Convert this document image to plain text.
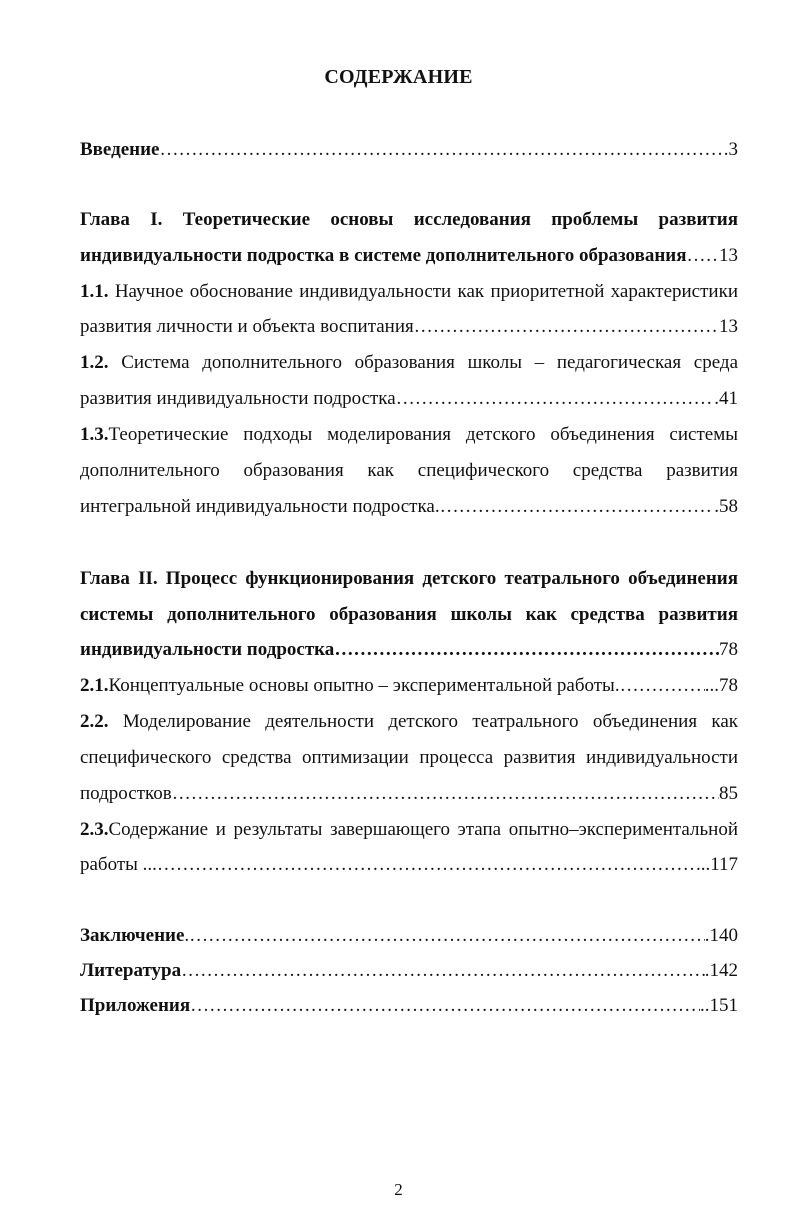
СОДЕРЖАНИЕ
Введение ……………………………………………………………………………………………………………………………………………………………………………………………………………………………	.3
Глава I. Теоретические основы исследования проблемы развития
индивидуальности подростка в системе дополнительного образования …………………………………………………………………………………………………………………………………………………………………………………………………………………………… 13
1.1. Научное обоснование индивидуальности как приоритетной характеристики
развития личности и объекта воспитания ……………………………………………………………………………………………………………………………………………………………………………………………………………………………	13
1.2. Система дополнительного образования школы – педагогическая среда
развития индивидуальности подростка ……………………………………………………………………………………………………………………………………………………………………………………………………………………………	.41
1.3.Теоретические подходы моделирования детского объединения системы
дополнительного образования как специфического средства развития
интегральной индивидуальности подростка. ……………………………………………………………………………………………………………………………………………………………………………………………………………………………	.58
Глава II. Процесс функционирования детского театрального объединения
системы дополнительного образования школы как средства развития
индивидуальности подростка ……………………………………………………………………………………………………………………………………………………………………………………………………………………………	78
2.1. Концептуальные основы опытно – экспериментальной работы. ……………………………………………………………………………………………………………………………………………………………………………………………………………………………	...78
2.2. Моделирование деятельности детского театрального объединения как
специфического средства оптимизации процесса развития индивидуальности
подростков ……………………………………………………………………………………………………………………………………………………………………………………………………………………………	85
2.3.Содержание и результаты завершающего этапа опытно–экспериментальной
работы ... ……………………………………………………………………………………………………………………………………………………………………………………………………………………………	..117
Заключение . ……………………………………………………………………………………………………………………………………………………………………………………………………………………………	.140
Литература ……………………………………………………………………………………………………………………………………………………………………………………………………………………………	.142
Приложения ……………………………………………………………………………………………………………………………………………………………………………………………………………………………	..151
2
